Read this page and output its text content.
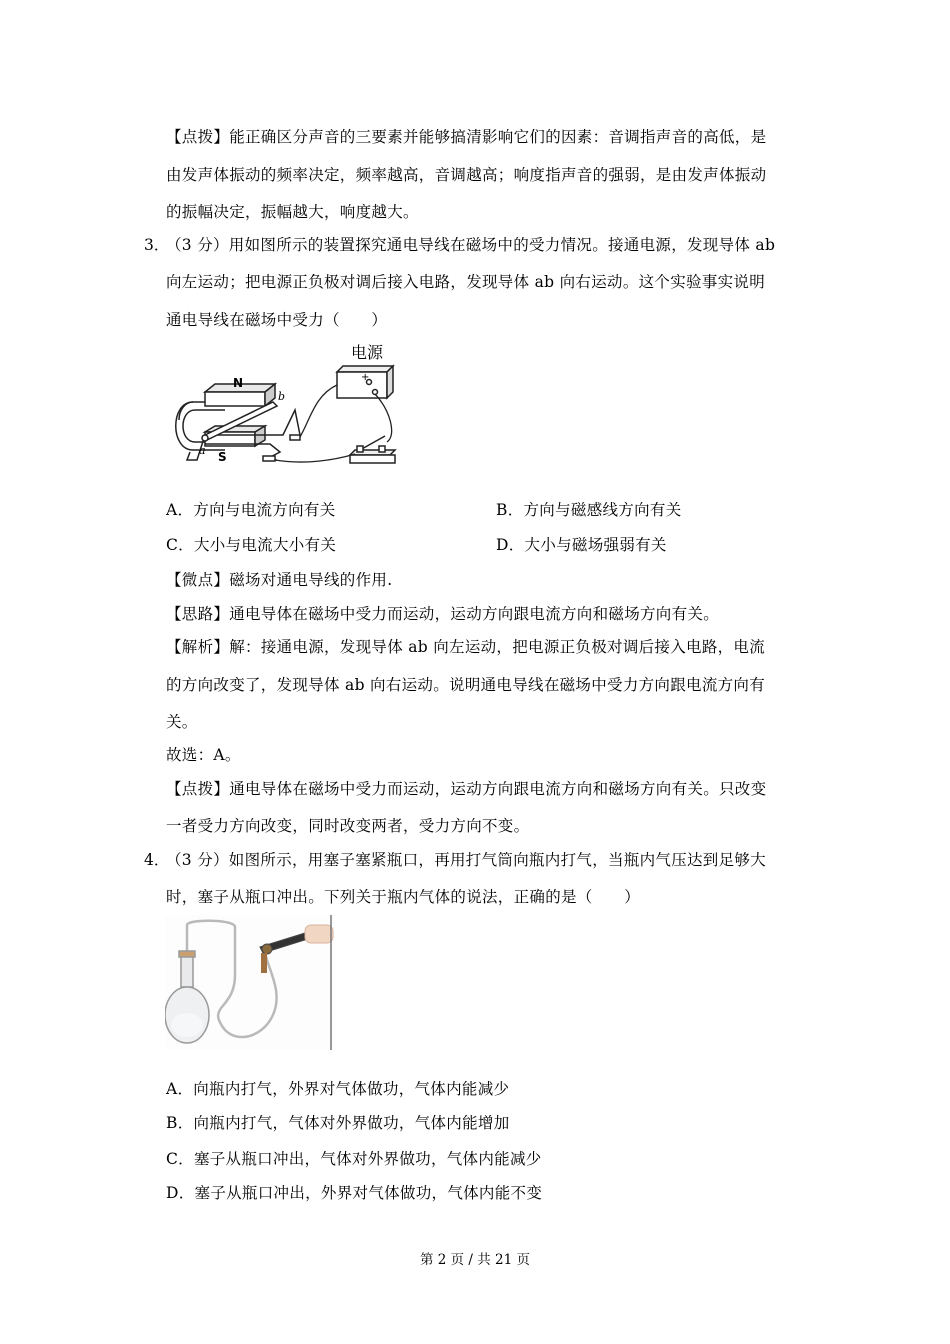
【点拨】能正确区分声音的三要素并能够搞清影响它们的因素：音调指声音的高低，是
由发声体振动的频率决定，频率越高，音调越高；响度指声音的强弱，是由发声体振动
的振幅决定，振幅越大，响度越大。
3．
（3 分）用如图所示的装置探究通电导线在磁场中的受力情况。接通电源，发现导体 ab
向左运动；把电源正负极对调后接入电路，发现导体 ab 向右运动。这个实验事实说明
通电导线在磁场中受力（　　）
电源
+
N
S
b
a
A．方向与电流方向有关	B．方向与磁感线方向有关
C．大小与电流大小有关	D．大小与磁场强弱有关
【微点】磁场对通电导线的作用.
【思路】通电导体在磁场中受力而运动，运动方向跟电流方向和磁场方向有关。
【解析】解：接通电源，发现导体 ab 向左运动，把电源正负极对调后接入电路，电流
的方向改变了，发现导体 ab 向右运动。说明通电导线在磁场中受力方向跟电流方向有
关。
故选：A。
【点拨】通电导体在磁场中受力而运动，运动方向跟电流方向和磁场方向有关。只改变
一者受力方向改变，同时改变两者，受力方向不变。
4．
（3 分）如图所示，用塞子塞紧瓶口，再用打气筒向瓶内打气，当瓶内气压达到足够大
时，塞子从瓶口冲出。下列关于瓶内气体的说法，正确的是（　　）
A．向瓶内打气，外界对气体做功，气体内能减少
B．向瓶内打气，气体对外界做功，气体内能增加
C．塞子从瓶口冲出，气体对外界做功，气体内能减少
D．塞子从瓶口冲出，外界对气体做功，气体内能不变
第 2 页 / 共 21 页
